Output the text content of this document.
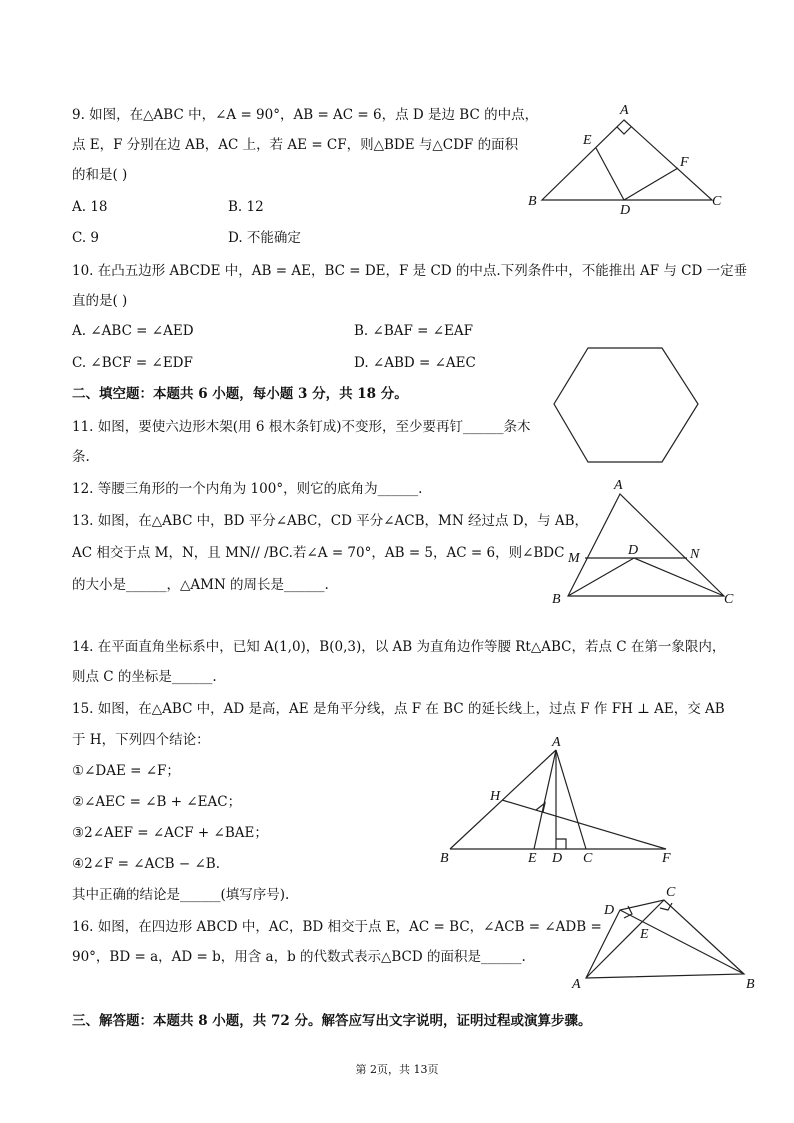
9. 如图，在△ABC 中，∠A = 90°，AB = AC = 6，点 D 是边 BC 的中点，
点 E，F 分别在边 AB，AC 上，若 AE = CF，则△BDE 与△CDF 的面积
的和是( )
A. 18	B. 12
C. 9	D. 不能确定
A
B	C
D
E
F
10. 在凸五边形 ABCDE 中，AB = AE，BC = DE，F 是 CD 的中点.下列条件中，不能推出 AF 与 CD 一定垂
直的是( )
A. ∠ABC = ∠AED	B. ∠BAF = ∠EAF
C. ∠BCF = ∠EDF	D. ∠ABD = ∠AEC
二、填空题：本题共 6 小题，每小题 3 分，共 18 分。
11. 如图，要使六边形木架(用 6 根木条钉成)不变形，至少要再钉______条木
条.
12. 等腰三角形的一个内角为 100°，则它的底角为______.
13. 如图，在△ABC 中，BD 平分∠ABC，CD 平分∠ACB，MN 经过点 D，与 AB，
AC 相交于点 M，N，且 MN// /BC.若∠A = 70°，AB = 5，AC = 6，则∠BDC
的大小是______，△AMN 的周长是______.
A
B	C
D
M	N
14. 在平面直角坐标系中，已知 A(1,0)，B(0,3)，以 AB 为直角边作等腰 Rt△ABC，若点 C 在第一象限内，
则点 C 的坐标是______.
15. 如图，在△ABC 中，AD 是高，AE 是角平分线，点 F 在 BC 的延长线上，过点 F 作 FH ⊥ AE，交 AB
于 H，下列四个结论：
①∠DAE = ∠F；
②∠AEC = ∠B + ∠EAC；
③2∠AEF = ∠ACF + ∠BAE；
④2∠F = ∠ACB − ∠B.
其中正确的结论是______(填写序号).
A
B	E D C	F
H
16. 如图，在四边形 ABCD 中，AC，BD 相交于点 E，AC = BC，∠ACB = ∠ADB =
90°，BD = a，AD = b，用含 a，b 的代数式表示△BCD 的面积是______.
C
D
E
A	B
三、解答题：本题共 8 小题，共 72 分。解答应写出文字说明，证明过程或演算步骤。
第 2页，共 13页
